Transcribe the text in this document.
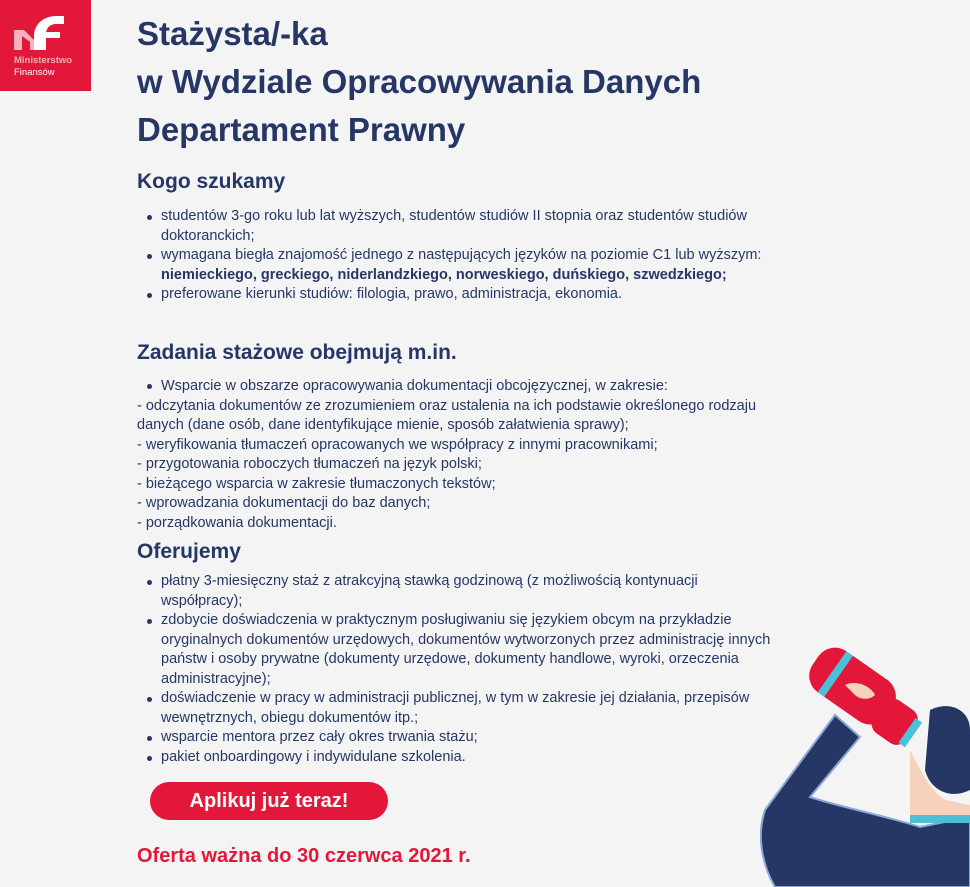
Ministerstwo
Finansów
Stażysta/-ka
w Wydziale Opracowywania Danych
Departament Prawny
Kogo szukamy
studentów 3-go roku lub lat wyższych, studentów studiów II stopnia oraz studentów studiów doktoranckich;
wymagana biegła znajomość jednego z następujących języków na poziomie C1 lub wyższym: niemieckiego, greckiego, niderlandzkiego, norweskiego, duńskiego, szwedzkiego;
preferowane kierunki studiów: filologia, prawo, administracja, ekonomia.
Zadania stażowe obejmują m.in.
Wsparcie w obszarze opracowywania dokumentacji obcojęzycznej, w zakresie:
- odczytania dokumentów ze zrozumieniem oraz ustalenia na ich podstawie określonego rodzaju danych (dane osób, dane identyfikujące mienie, sposób załatwienia sprawy);
- weryfikowania tłumaczeń opracowanych we współpracy z innymi pracownikami;
- przygotowania roboczych tłumaczeń na język polski;
- bieżącego wsparcia w zakresie tłumaczonych tekstów;
- wprowadzania dokumentacji do baz danych;
- porządkowania dokumentacji.
Oferujemy
płatny 3-miesięczny staż z atrakcyjną stawką godzinową (z możliwością kontynuacji współpracy);
zdobycie doświadczenia w praktycznym posługiwaniu się językiem obcym na przykładzie oryginalnych dokumentów urzędowych, dokumentów wytworzonych przez administrację innych państw i osoby prywatne (dokumenty urzędowe, dokumenty handlowe, wyroki, orzeczenia administracyjne);
doświadczenie w pracy w administracji publicznej, w tym w zakresie jej działania, przepisów wewnętrznych, obiegu dokumentów itp.;
wsparcie mentora przez cały okres trwania stażu;
pakiet onboardingowy i indywidulane szkolenia.
Aplikuj już teraz!
Oferta ważna do 30 czerwca 2021 r.
